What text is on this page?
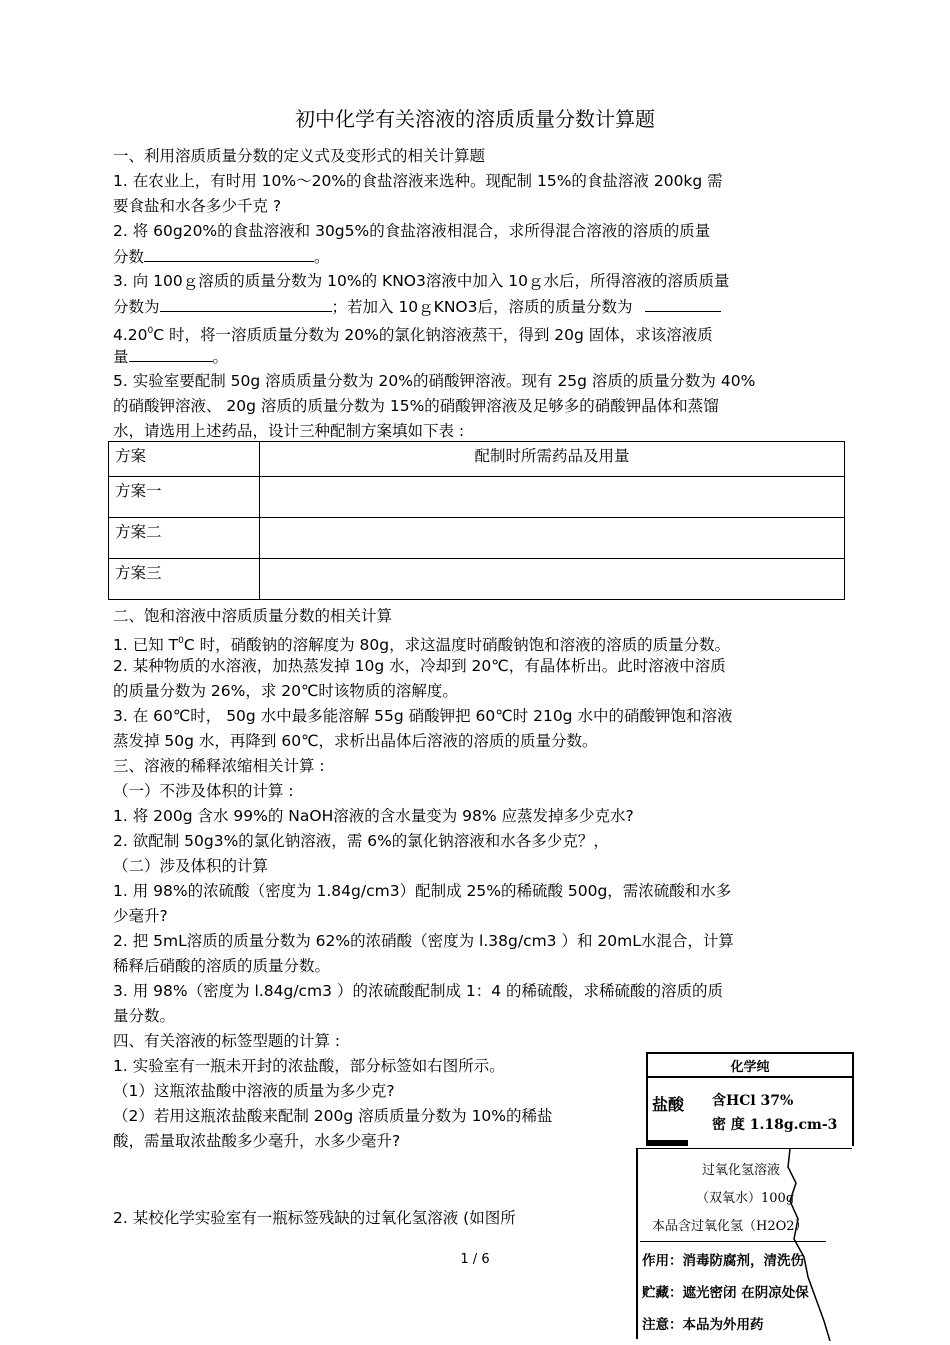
初中化学有关溶液的溶质质量分数计算题
一、利用溶质质量分数的定义式及变形式的相关计算题
1. 在农业上，有时用 10%～20%的食盐溶液来选种。现配制 15%的食盐溶液 200kg 需
要食盐和水各多少千克 ?
2. 将 60g20%的食盐溶液和 30g5%的食盐溶液相混合，求所得混合溶液的溶质的质量
分数	。
3. 向 100ｇ溶质的质量分数为 10%的 KNO3溶液中加入 10ｇ水后，所得溶液的溶质质量
分数为	；若加入 10ｇKNO3后，溶质的质量分数为
4.20$^0$C 时，将一溶质质量分数为 20%的氯化钠溶液蒸干，得到 20g 固体，求该溶液质
量	。
5. 实验室要配制 50g 溶质质量分数为 20%的硝酸钾溶液。现有 25g 溶质的质量分数为 40%
的硝酸钾溶液、 20g 溶质的质量分数为 15%的硝酸钾溶液及足够多的硝酸钾晶体和蒸馏
水，请选用上述药品，设计三种配制方案填如下表 :
方案	配制时所需药品及用量
方案一	
方案二	
方案三	
二、饱和溶液中溶质质量分数的相关计算
1. 已知 $T^0C$ 时，硝酸钠的溶解度为 80g，求这温度时硝酸钠饱和溶液的溶质的质量分数。
2. 某种物质的水溶液，加热蒸发掉 10g 水，冷却到 20℃，有晶体析出。此时溶液中溶质
的质量分数为 26%，求 20℃时该物质的溶解度。
3. 在 60℃时， 50g 水中最多能溶解 55g 硝酸钾把 60℃时 210g 水中的硝酸钾饱和溶液
蒸发掉 50g 水，再降到 60℃，求析出晶体后溶液的溶质的质量分数。
三、溶液的稀释浓缩相关计算 :
（一）不涉及体积的计算 :
1. 将 200g 含水 99%的 NaOH溶液的含水量变为 98% 应蒸发掉多少克水?
2. 欲配制 50g3%的氯化钠溶液，需 6%的氯化钠溶液和水各多少克？，
（二）涉及体积的计算
1. 用 98%的浓硫酸（密度为 1.84g/cm3）配制成 25%的稀硫酸 500g，需浓硫酸和水多
少毫升?
2. 把 5mL溶质的质量分数为 62%的浓硝酸（密度为 l.38g/cm3 ）和 20mL水混合，计算
稀释后硝酸的溶质的质量分数。
3. 用 98%（密度为 l.84g/cm3 ）的浓硫酸配制成 1：4 的稀硫酸，求稀硫酸的溶质的质
量分数。
四、有关溶液的标签型题的计算 :
1. 实验室有一瓶未开封的浓盐酸，部分标签如右图所示。
（1）这瓶浓盐酸中溶液的质量为多少克?
（2）若用这瓶浓盐酸来配制 200g 溶质质量分数为 10%的稀盐
酸，需量取浓盐酸多少毫升，水多少毫升?
2. 某校化学实验室有一瓶标签残缺的过氧化氢溶液 (如图所
化学纯
盐酸 含HCl 37%
密 度 1.18g.cm-3
过氧化氢溶液
（双氧水）100g
本品含过氧化氢（H2O2）
作用：消毒防腐剂，清洗伤
贮藏：遮光密闭 在阴凉处保
注意：本品为外用药
1 / 6
